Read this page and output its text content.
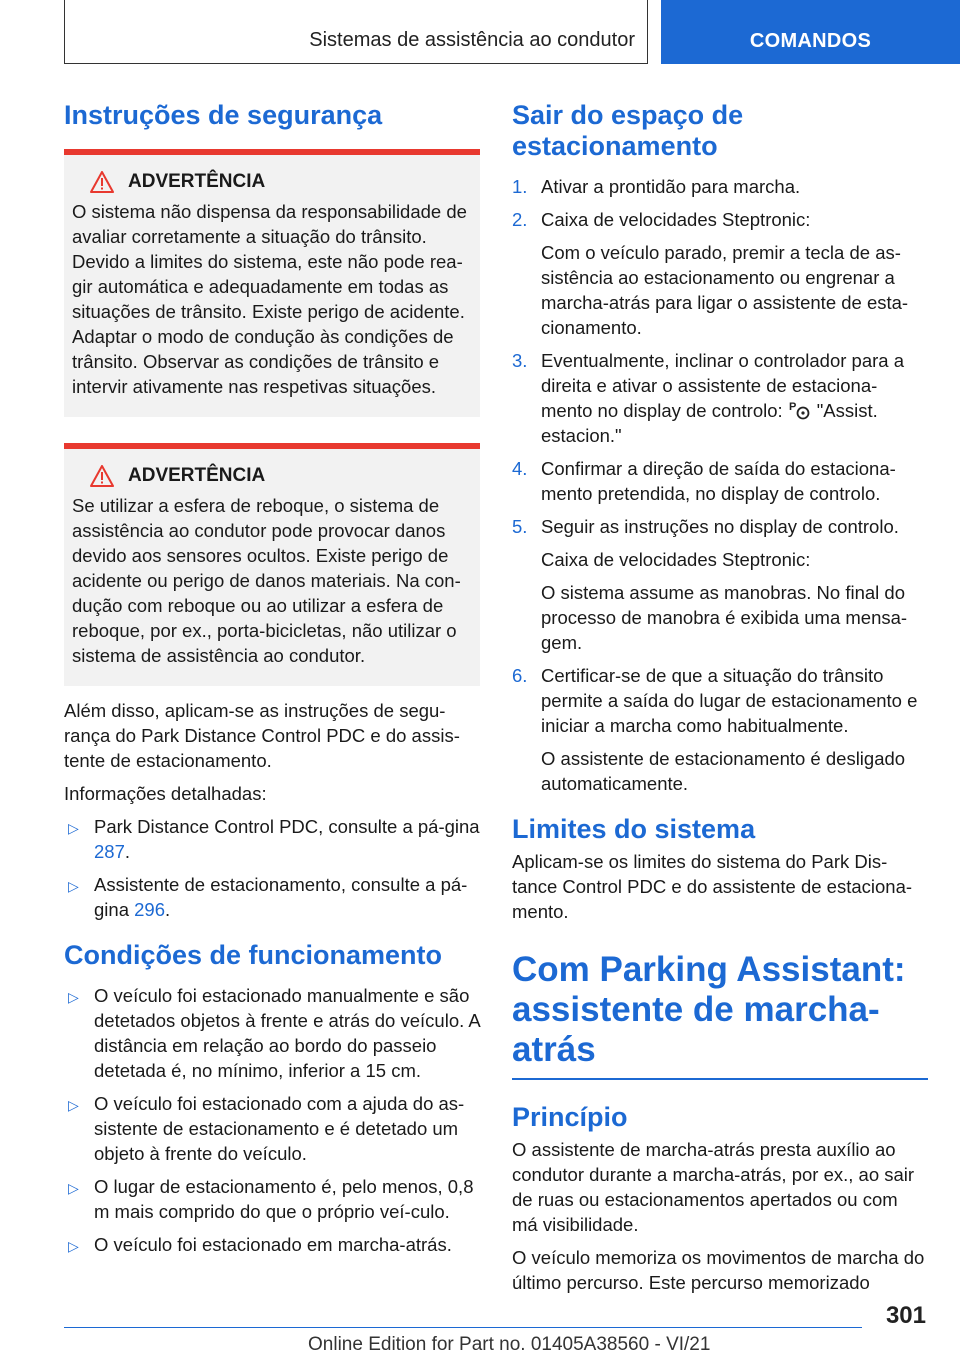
Sistemas de assistência ao condutor	COMANDOS
Instruções de segurança
ADVERTÊNCIA

O sistema não dispensa da responsabilidade de avaliar corretamente a situação do trânsito. Devido a limites do sistema, este não pode rea-gir automática e adequadamente em todas as situações de trânsito. Existe perigo de acidente. Adaptar o modo de condução às condições de trânsito. Observar as condições de trânsito e intervir ativamente nas respetivas situações.

ADVERTÊNCIA

Se utilizar a esfera de reboque, o sistema de assistência ao condutor pode provocar danos devido aos sensores ocultos. Existe perigo de acidente ou perigo de danos materiais. Na con-dução com reboque ou ao utilizar a esfera de reboque, por ex., porta-bicicletas, não utilizar o sistema de assistência ao condutor.

Além disso, aplicam-se as instruções de segu-rança do Park Distance Control PDC e do assis-tente de estacionamento.

Informações detalhadas:

▷ Park Distance Control PDC, consulte a pá-gina 287.
▷ Assistente de estacionamento, consulte a pá-gina 296.
Condições de funcionamento
▷ O veículo foi estacionado manualmente e são detetados objetos à frente e atrás do veículo. A distância em relação ao bordo do passeio detetada é, no mínimo, inferior a 15 cm.
▷ O veículo foi estacionado com a ajuda do as-sistente de estacionamento e é detetado um objeto à frente do veículo.
▷ O lugar de estacionamento é, pelo menos, 0,8 m mais comprido do que o próprio veí-culo.
▷ O veículo foi estacionado em marcha-atrás.
Sair do espaço de estacionamento
1. Ativar a prontidão para marcha.
2. Caixa de velocidades Steptronic:
Com o veículo parado, premir a tecla de as-sistência ao estacionamento ou engrenar a marcha-atrás para ligar o assistente de esta-cionamento.
3. Eventualmente, inclinar o controlador para a direita e ativar o assistente de estaciona-mento no display de controlo: P "Assist. estacion."
4. Confirmar a direção de saída do estaciona-mento pretendida, no display de controlo.
5. Seguir as instruções no display de controlo.
Caixa de velocidades Steptronic:
O sistema assume as manobras. No final do processo de manobra é exibida uma mensa-gem.
6. Certificar-se de que a situação do trânsito permite a saída do lugar de estacionamento e iniciar a marcha como habitualmente.
O assistente de estacionamento é desligado automaticamente.
Limites do sistema

Aplicam-se os limites do sistema do Park Dis-tance Control PDC e do assistente de estaciona-mento.

Com Parking Assistant: assistente de marcha-atrás
Princípio

O assistente de marcha-atrás presta auxílio ao condutor durante a marcha-atrás, por ex., ao sair de ruas ou estacionamentos apertados ou com má visibilidade.

O veículo memoriza os movimentos de marcha do último percurso. Este percurso memorizado

301
Online Edition for Part no. 01405A38560 - VI/21
